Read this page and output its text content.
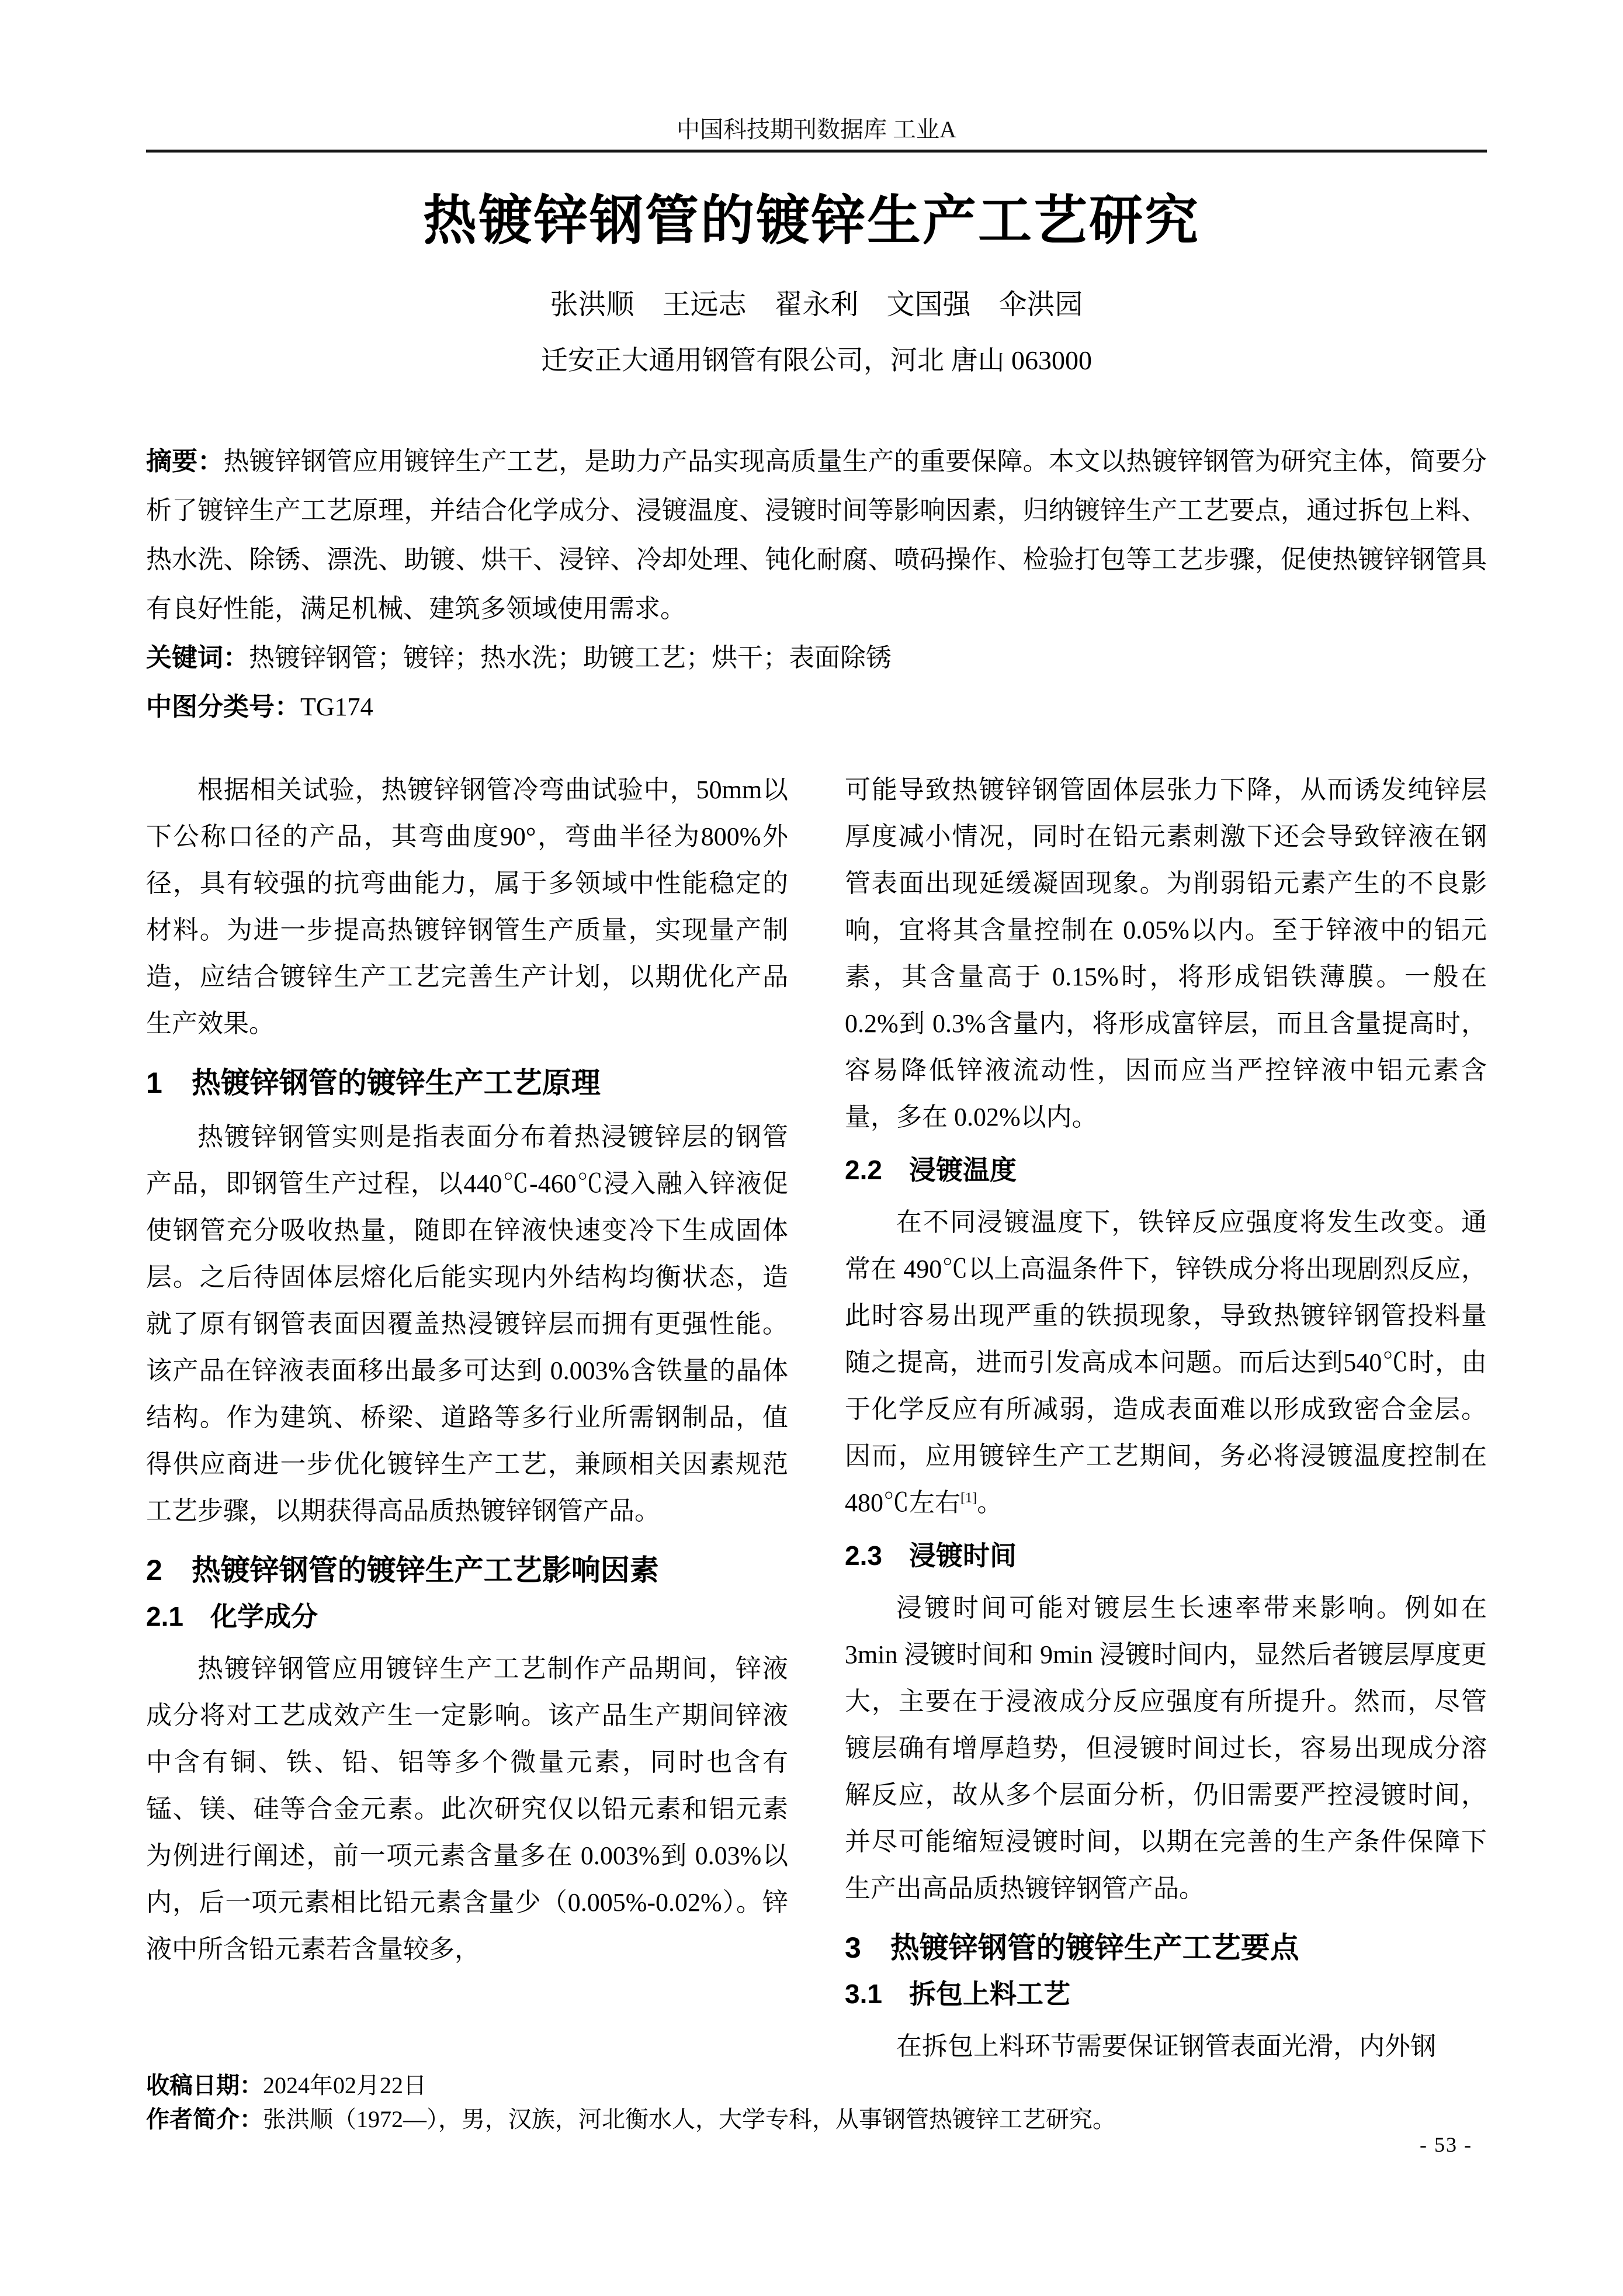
中国科技期刊数据库 工业A
热镀锌钢管的镀锌生产工艺研究
张洪顺　王远志　翟永利　文国强　伞洪园
迁安正大通用钢管有限公司，河北 唐山 063000

摘要：热镀锌钢管应用镀锌生产工艺，是助力产品实现高质量生产的重要保障。本文以热镀锌钢管为研究主体，简要分析了镀锌生产工艺原理，并结合化学成分、浸镀温度、浸镀时间等影响因素，归纳镀锌生产工艺要点，通过拆包上料、热水洗、除锈、漂洗、助镀、烘干、浸锌、冷却处理、钝化耐腐、喷码操作、检验打包等工艺步骤，促使热镀锌钢管具有良好性能，满足机械、建筑多领域使用需求。

关键词：热镀锌钢管；镀锌；热水洗；助镀工艺；烘干；表面除锈

中图分类号：TG174

根据相关试验，热镀锌钢管冷弯曲试验中，50mm以下公称口径的产品，其弯曲度90°，弯曲半径为800%外径，具有较强的抗弯曲能力，属于多领域中性能稳定的材料。为进一步提高热镀锌钢管生产质量，实现量产制造，应结合镀锌生产工艺完善生产计划，以期优化产品生产效果。

1　热镀锌钢管的镀锌生产工艺原理

热镀锌钢管实则是指表面分布着热浸镀锌层的钢管产品，即钢管生产过程，以440℃-460℃浸入融入锌液促使钢管充分吸收热量，随即在锌液快速变冷下生成固体层。之后待固体层熔化后能实现内外结构均衡状态，造就了原有钢管表面因覆盖热浸镀锌层而拥有更强性能。该产品在锌液表面移出最多可达到 0.003%含铁量的晶体结构。作为建筑、桥梁、道路等多行业所需钢制品，值得供应商进一步优化镀锌生产工艺，兼顾相关因素规范工艺步骤，以期获得高品质热镀锌钢管产品。

2　热镀锌钢管的镀锌生产工艺影响因素
2.1　化学成分

热镀锌钢管应用镀锌生产工艺制作产品期间，锌液成分将对工艺成效产生一定影响。该产品生产期间锌液中含有铜、铁、铅、铝等多个微量元素，同时也含有锰、镁、硅等合金元素。此次研究仅以铅元素和铝元素为例进行阐述，前一项元素含量多在 0.003%到 0.03%以内，后一项元素相比铅元素含量少（0.005%-0.02%）。锌液中所含铅元素若含量较多，

可能导致热镀锌钢管固体层张力下降，从而诱发纯锌层厚度减小情况，同时在铅元素刺激下还会导致锌液在钢管表面出现延缓凝固现象。为削弱铅元素产生的不良影响，宜将其含量控制在 0.05%以内。至于锌液中的铝元素，其含量高于 0.15%时，将形成铝铁薄膜。一般在 0.2%到 0.3%含量内，将形成富锌层，而且含量提高时，容易降低锌液流动性，因而应当严控锌液中铝元素含量，多在 0.02%以内。

2.2　浸镀温度

在不同浸镀温度下，铁锌反应强度将发生改变。通常在 490℃以上高温条件下，锌铁成分将出现剧烈反应，此时容易出现严重的铁损现象，导致热镀锌钢管投料量随之提高，进而引发高成本问题。而后达到540℃时，由于化学反应有所减弱，造成表面难以形成致密合金层。因而，应用镀锌生产工艺期间，务必将浸镀温度控制在 480℃左右[1]。

2.3　浸镀时间

浸镀时间可能对镀层生长速率带来影响。例如在3min 浸镀时间和 9min 浸镀时间内，显然后者镀层厚度更大，主要在于浸液成分反应强度有所提升。然而，尽管镀层确有增厚趋势，但浸镀时间过长，容易出现成分溶解反应，故从多个层面分析，仍旧需要严控浸镀时间，并尽可能缩短浸镀时间，以期在完善的生产条件保障下生产出高品质热镀锌钢管产品。

3　热镀锌钢管的镀锌生产工艺要点
3.1　拆包上料工艺

在拆包上料环节需要保证钢管表面光滑，内外钢

收稿日期：2024年02月22日

作者简介：张洪顺（1972—），男，汉族，河北衡水人，大学专科，从事钢管热镀锌工艺研究。

- 53 -
